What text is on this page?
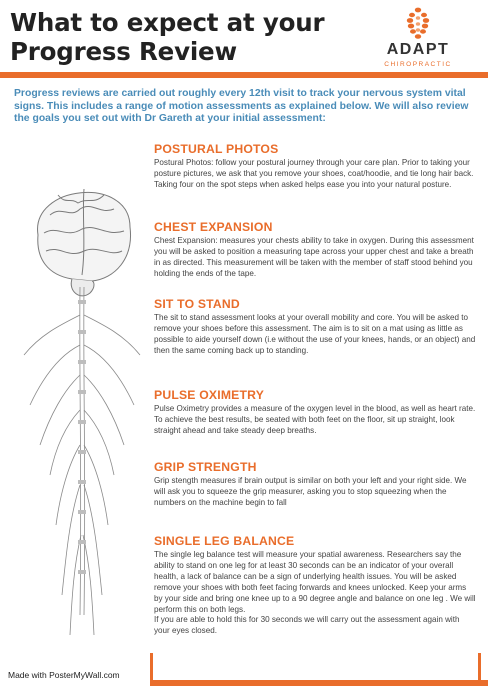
What to expect at your
Progress Review	ADAPT
CHIROPRACTIC

Progress reviews are carried out roughly every 12th visit to track your nervous system vital signs. This includes a range of motion assessments as explained below. We will also review the goals you set out with Dr Gareth at your initial assessment:

POSTURAL PHOTOS

Postural Photos: follow your postural journey through your care plan. Prior to taking your posture pictures, we ask that you remove your shoes, coat/hoodie, and tie long hair back. Taking four on the spot steps when asked helps ease you into your natural posture.

CHEST EXPANSION

Chest Expansion: measures your chests ability to take in oxygen. During this assessment you will be asked to position a measuring tape across your upper chest and take a breath in as directed. This measurement will be taken with the member of staff stood behind you holding the ends of the tape.

SIT TO STAND

The sit to stand assessment looks at your overall mobility and core. You will be asked to remove your shoes before this assessment. The aim is to sit on a mat using as little as possible to aide yourself down (i.e without the use of your knees, hands, or an object) and then the same coming back up to standing.

PULSE OXIMETRY

Pulse Oximetry provides a measure of the oxygen level in the blood, as well as heart rate. To achieve the best results, be seated with both feet on the floor, sit up straight, look straight ahead and take steady deep breaths.

GRIP STRENGTH

Grip stength measures if brain output is similar on both your left and your right side. We will ask you to squeeze the grip measurer, asking you to stop squeezing when the numbers on the machine begin to fall

SINGLE LEG BALANCE

The single leg balance test will measure your spatial awareness. Researchers say the ability to stand on one leg for at least 30 seconds can be an indicator of your overall health, a lack of balance can be a sign of underlying health issues. You will be asked remove your shoes with both feet facing forwards and knees unlocked. Keep your arms by your side and bring one knee up to a 90 degree angle and balance on one leg . We will perform this on both legs.
If you are able to hold this for 30 seconds we will carry out the assessment again with your eyes closed.

Made with PosterMyWall.com
